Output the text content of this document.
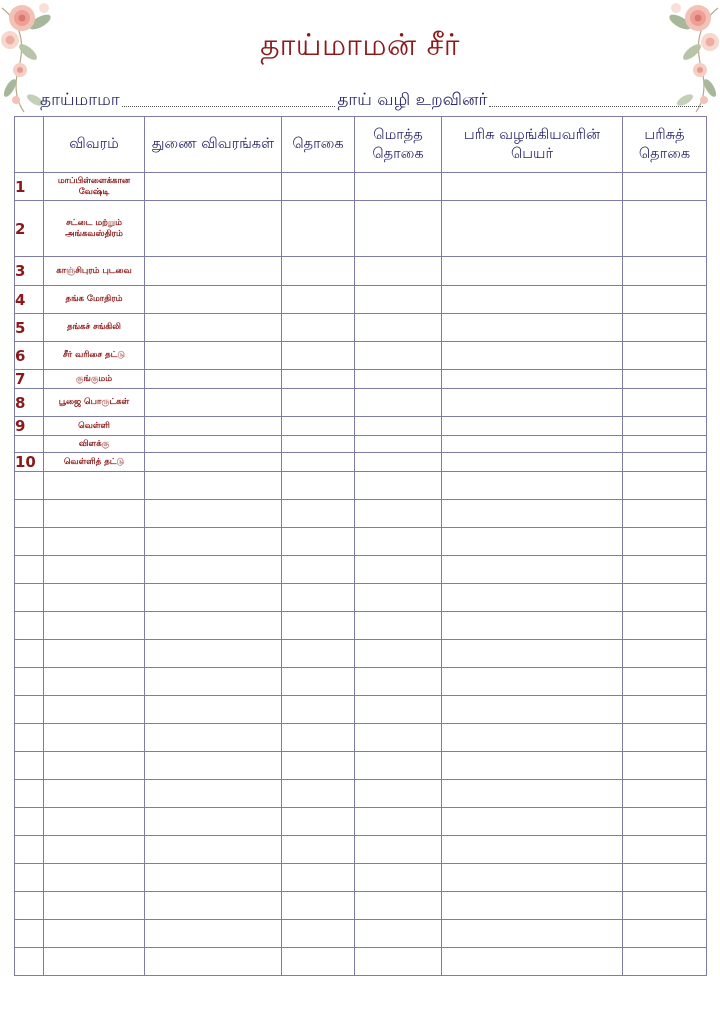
தாய்மாமன் சீர்
தாய்மாமா	தாய் வழி உறவினர்
	விவரம்	துணை விவரங்கள்	தொகை	மொத்த தொகை	பரிசு வழங்கியவரின் பெயர்	பரிசுத் தொகை
1	மாப்பிள்ளைக்கான வேஷ்டி					
2	சட்டை மற்றும் அங்கவஸ்திரம்					
3	காஞ்சிபுரம் புடவை					
4	தங்க மோதிரம்					
5	தங்கச் சங்கிலி					
6	சீர் வரிசை தட்டு					
7	குங்குமம்					
8	பூஜை பொருட்கள்					
9	வெள்ளி					
	விளக்கு					
10	வெள்ளித் தட்டு					
